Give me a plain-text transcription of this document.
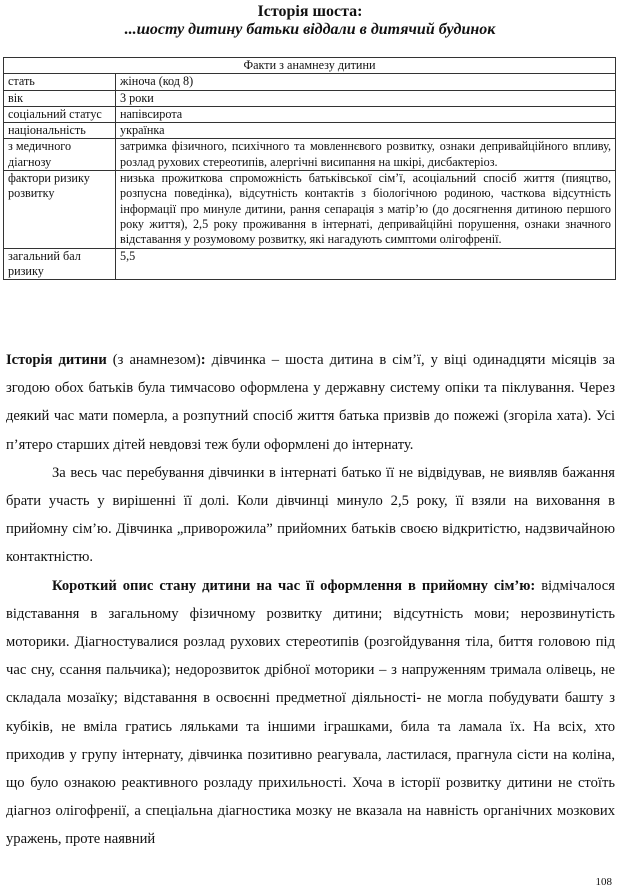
Історія шоста:
...шосту дитину батьки віддали в дитячий будинок
Факти з анамнезу дитини	
стать	жіноча (код 8)
вік	3 роки
соціальний статус	напівсирота
національність	українка
з медичного діагнозу	затримка фізичного, психічного та мовленнєвого розвитку, ознаки депривайційного впливу, розлад рухових стереотипів, алергічні висипання на шкірі, дисбактеріоз.
фактори ризику розвитку	низька прожиткова спроможність батьківської сім’ї, асоціальний спосіб життя (пияцтво, розпусна поведінка), відсутність контактів з біологічною родиною, часткова відсутність інформації про минуле дитини, рання сепарація з матір’ю (до досягнення дитиною першого року життя), 2,5 року проживання в інтернаті, депривайційні порушення, ознаки значного відставання у розумовому розвитку, які нагадують симптоми олігофренії.
загальний бал ризику	5,5

Історія дитини (з анамнезом): дівчинка – шоста дитина в сім’ї, у віці одинадцяти місяців за згодою обох батьків була тимчасово оформлена у державну систему опіки та піклування. Через деякий час мати померла, а розпутний спосіб життя батька призвів до пожежі (згоріла хата). Усі п’ятеро старших дітей невдовзі теж були оформлені до інтернату.

За весь час перебування дівчинки в інтернаті батько її не відвідував, не виявляв бажання брати участь у вирішенні її долі. Коли дівчинці минуло 2,5 року, її взяли на виховання в прийомну сім’ю. Дівчинка „приворожила” прийомних батьків своєю відкритістю, надзвичайною контактністю.

Короткий опис стану дитини на час її оформлення в прийомну сім’ю: відмічалося відставання в загальному фізичному розвитку дитини; відсутність мови; нерозвинутість моторики. Діагностувалися розлад рухових стереотипів (розгойдування тіла, биття головою під час сну, ссання пальчика); недорозвиток дрібної моторики – з напруженням тримала олівець, не складала мозаїку; відставання в освоєнні предметної діяльності- не могла побудувати башту з кубіків, не вміла гратись ляльками та іншими іграшками, била та ламала їх. На всіх, хто приходив у групу інтернату, дівчинка позитивно реагувала, ластилася, прагнула сісти на коліна, що було ознакою реактивного розладу прихильності. Хоча в історії розвитку дитини не стоїть діагноз олігофренії, а спеціальна діагностика мозку не вказала на навність органічних мозкових уражень, проте наявний

108
